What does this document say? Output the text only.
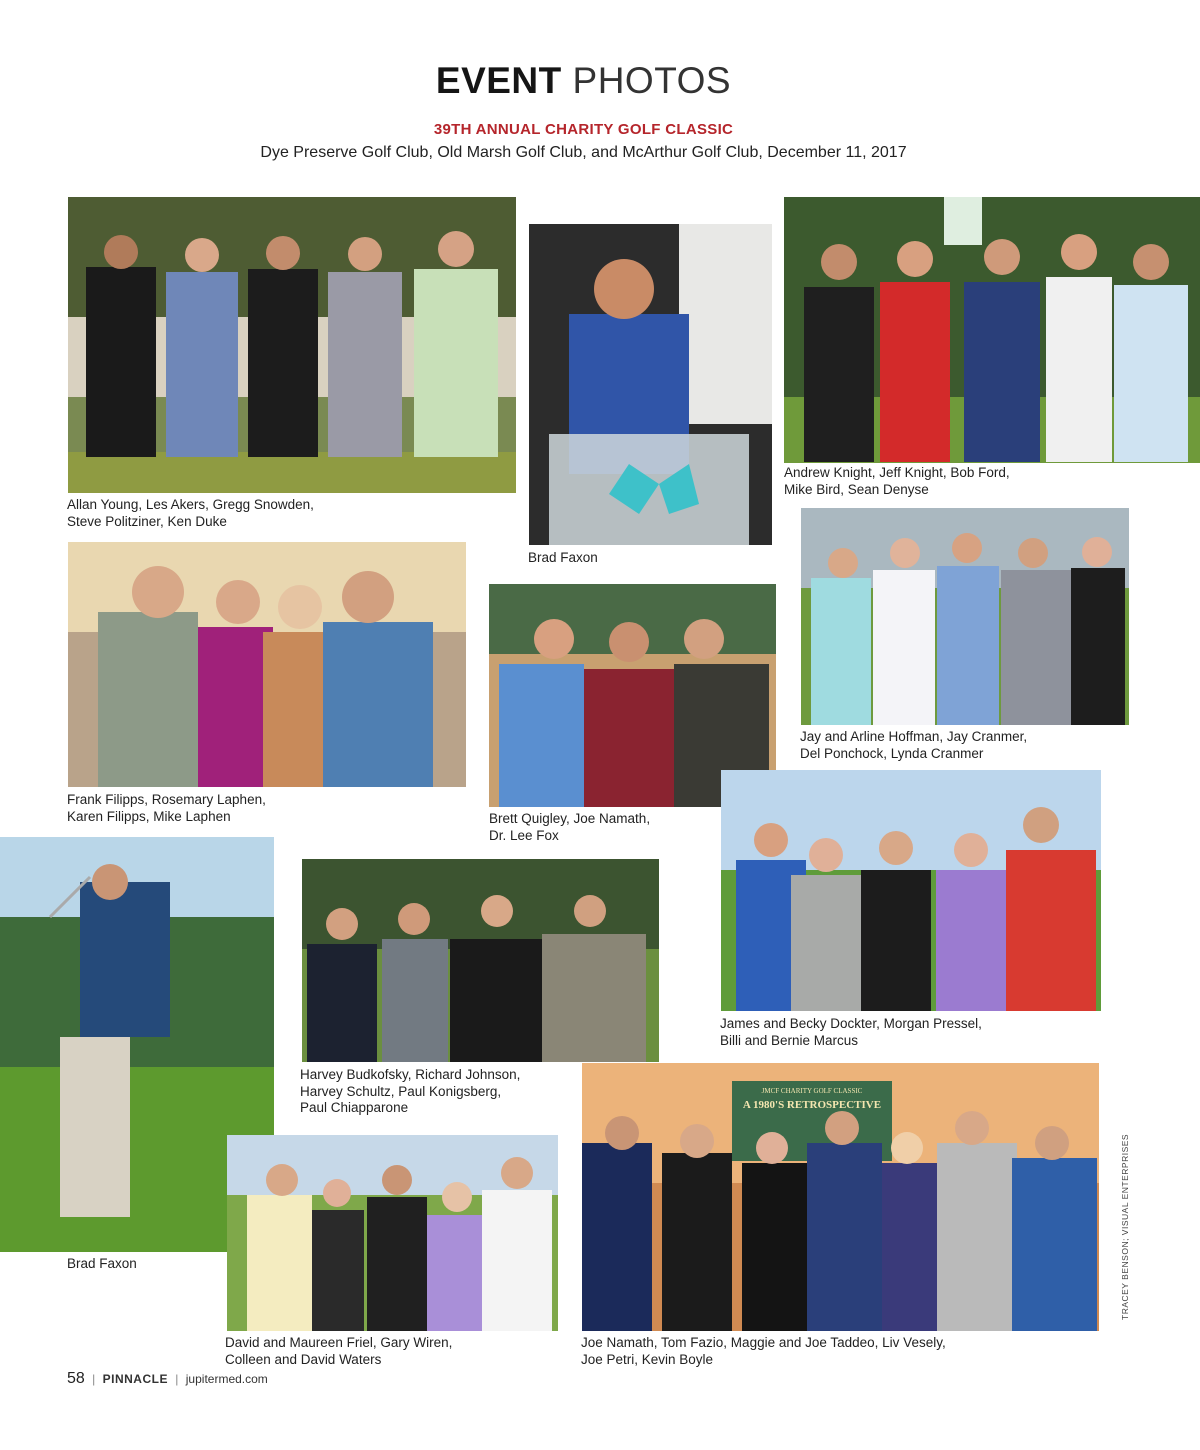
EVENT PHOTOS
39TH ANNUAL CHARITY GOLF CLASSIC
Dye Preserve Golf Club, Old Marsh Golf Club, and McArthur Golf Club, December 11, 2017
Allan Young, Les Akers, Gregg Snowden,
Steve Politziner, Ken Duke
Brad Faxon
Andrew Knight, Jeff Knight, Bob Ford,
Mike Bird, Sean Denyse
Frank Filipps, Rosemary Laphen,
Karen Filipps, Mike Laphen	Brett Quigley, Joe Namath,
Dr. Lee Fox
Jay and Arline Hoffman, Jay Cranmer,
Del Ponchock, Lynda Cranmer
Brad Faxon
Harvey Budkofsky, Richard Johnson,
Harvey Schultz, Paul Konigsberg,
Paul Chiapparone
James and Becky Dockter, Morgan Pressel,
Billi and Bernie Marcus
David and Maureen Friel, Gary Wiren,
Colleen and David Waters
JMCF CHARITY GOLF CLASSIC
A 1980'S RETROSPECTIVE
Joe Namath, Tom Fazio, Maggie and Joe Taddeo, Liv Vesely,
Joe Petri, Kevin Boyle
TRACEY BENSON; VISUAL ENTERPRISES
58 | PINNACLE | jupitermed.com
